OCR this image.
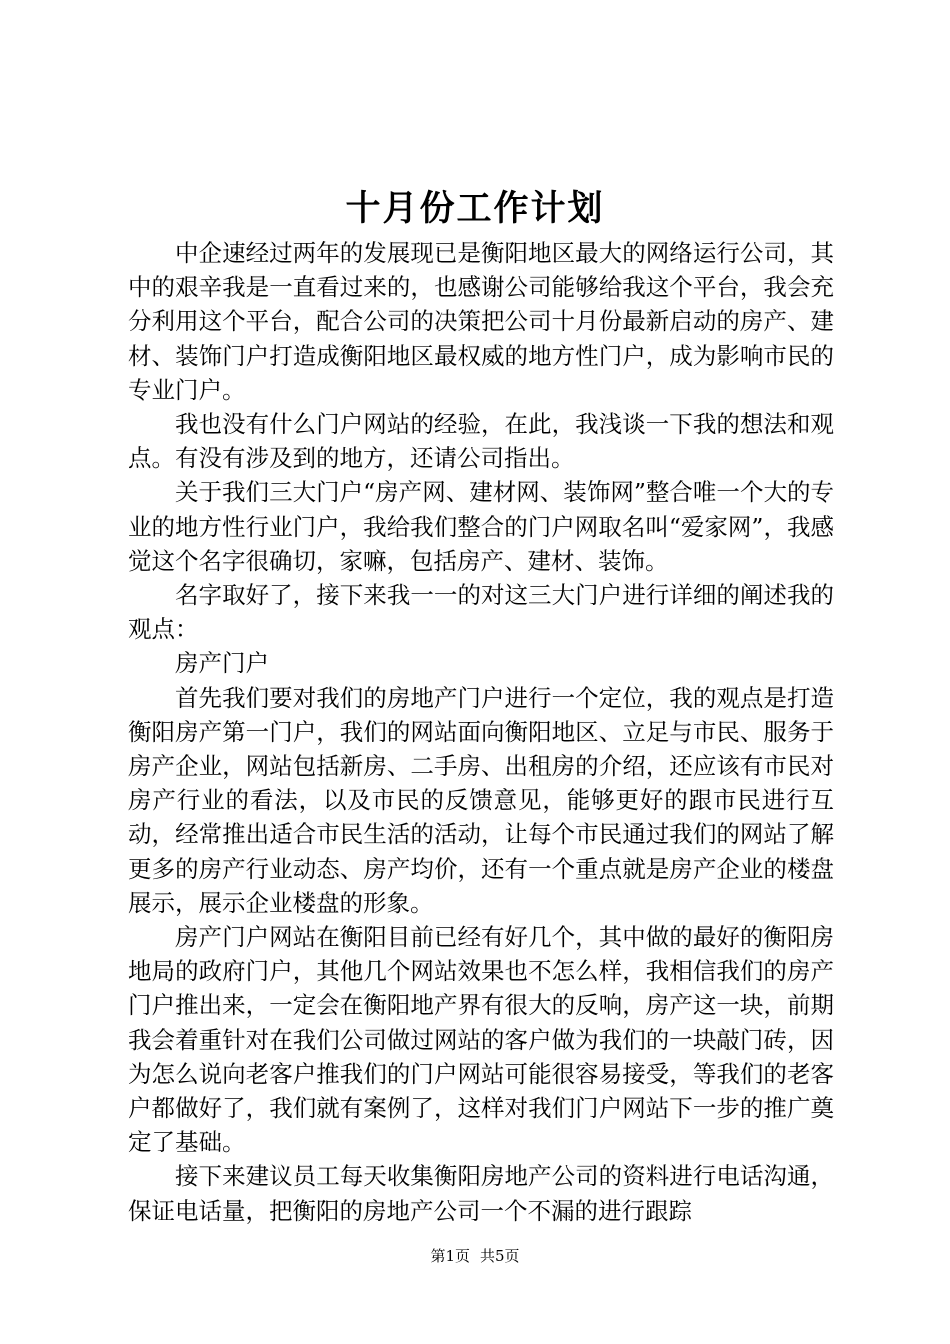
十月份工作计划

中企速经过两年的发展现已是衡阳地区最大的网络运行公司，其中的艰辛我是一直看过来的，也感谢公司能够给我这个平台，我会充分利用这个平台，配合公司的决策把公司十月份最新启动的房产、建材、装饰门户打造成衡阳地区最权威的地方性门户，成为影响市民的专业门户。

我也没有什么门户网站的经验，在此，我浅谈一下我的想法和观点。有没有涉及到的地方，还请公司指出。

关于我们三大门户“房产网、建材网、装饰网”整合唯一个大的专业的地方性行业门户，我给我们整合的门户网取名叫“爱家网”，我感觉这个名字很确切，家嘛，包括房产、建材、装饰。

名字取好了，接下来我一一的对这三大门户进行详细的阐述我的观点：

房产门户

首先我们要对我们的房地产门户进行一个定位，我的观点是打造衡阳房产第一门户，我们的网站面向衡阳地区、立足与市民、服务于房产企业，网站包括新房、二手房、出租房的介绍，还应该有市民对房产行业的看法，以及市民的反馈意见，能够更好的跟市民进行互动，经常推出适合市民生活的活动，让每个市民通过我们的网站了解更多的房产行业动态、房产均价，还有一个重点就是房产企业的楼盘展示，展示企业楼盘的形象。

房产门户网站在衡阳目前已经有好几个，其中做的最好的衡阳房地局的政府门户，其他几个网站效果也不怎么样，我相信我们的房产门户推出来，一定会在衡阳地产界有很大的反响，房产这一块，前期我会着重针对在我们公司做过网站的客户做为我们的一块敲门砖，因为怎么说向老客户推我们的门户网站可能很容易接受，等我们的老客户都做好了，我们就有案例了，这样对我们门户网站下一步的推广奠定了基础。

接下来建议员工每天收集衡阳房地产公司的资料进行电话沟通，保证电话量，把衡阳的房地产公司一个不漏的进行跟踪

第1页 共5页
